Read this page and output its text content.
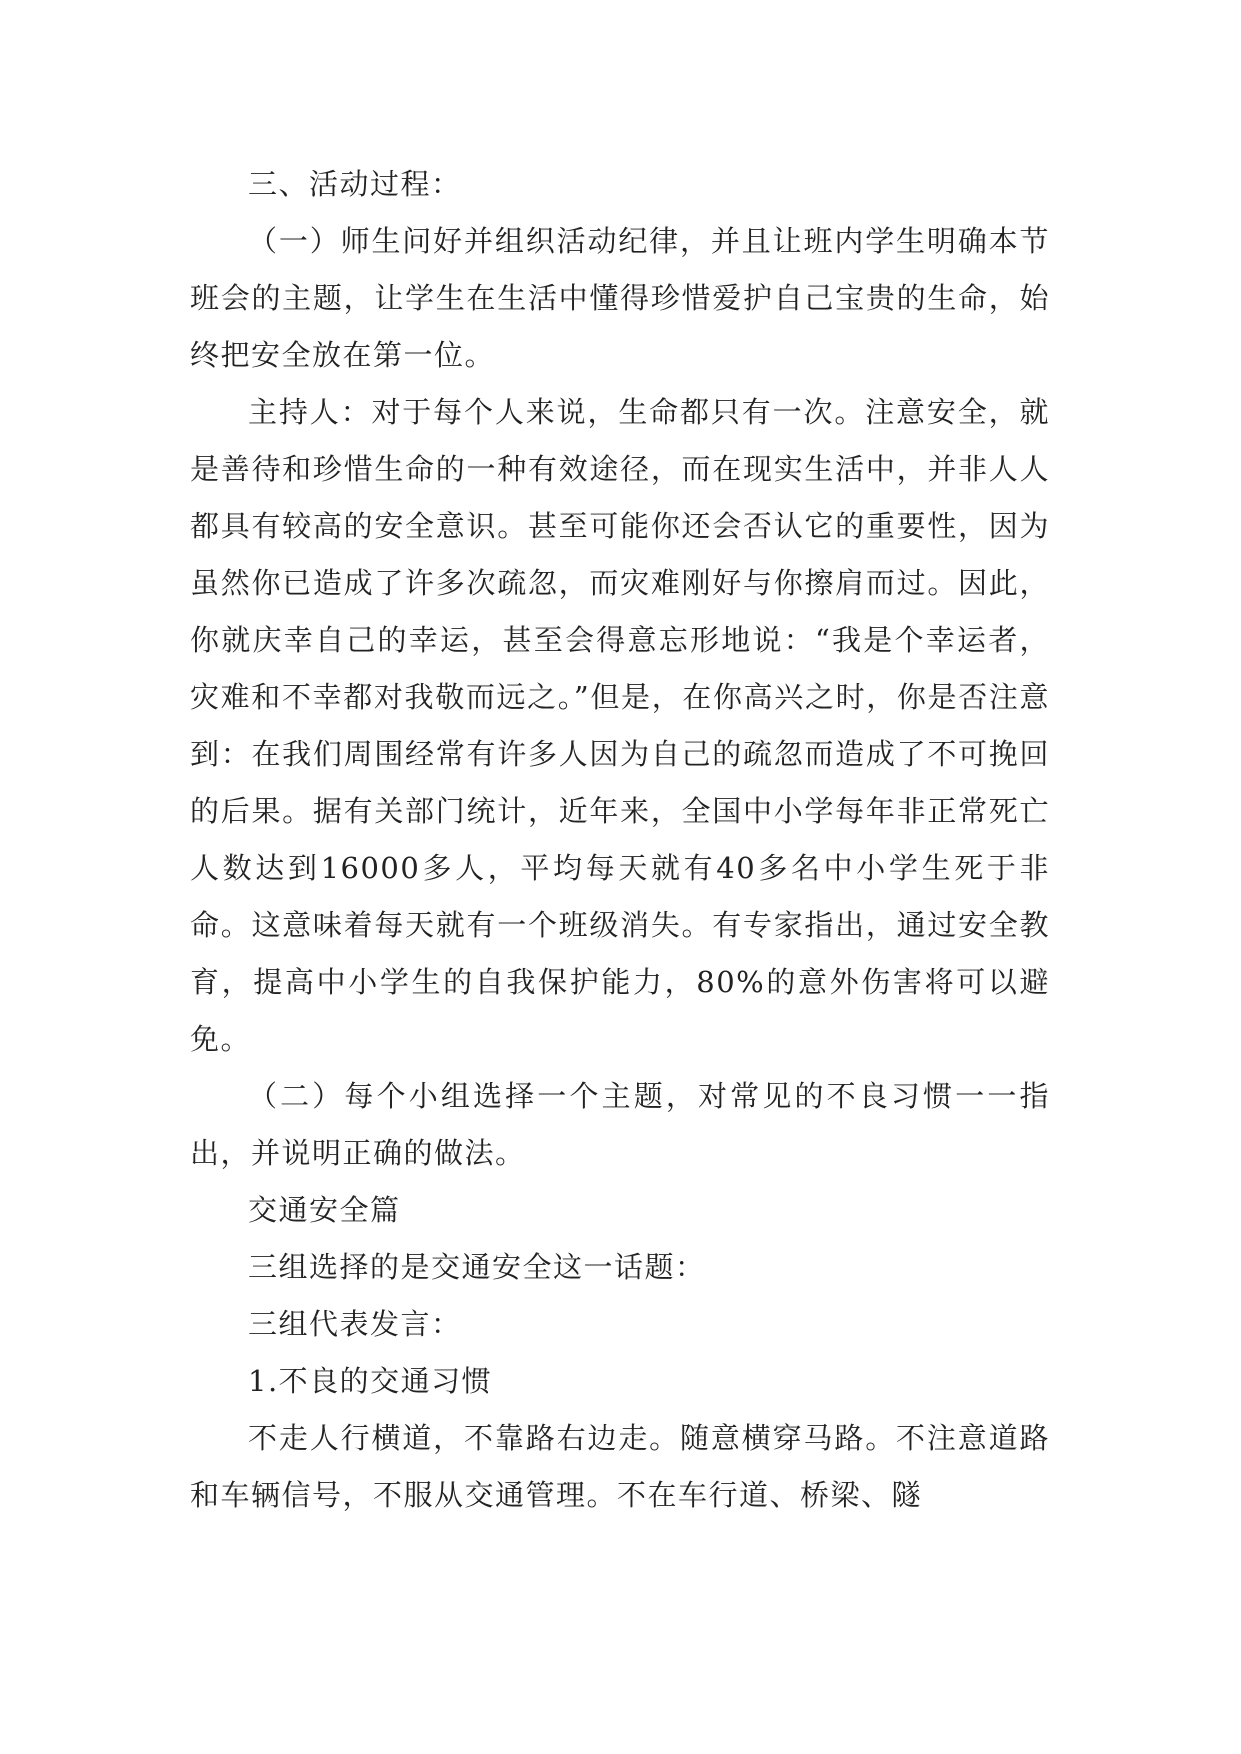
三、活动过程：

（一）师生问好并组织活动纪律，并且让班内学生明确本节班会的主题，让学生在生活中懂得珍惜爱护自己宝贵的生命，始终把安全放在第一位。

主持人：对于每个人来说，生命都只有一次。注意安全，就是善待和珍惜生命的一种有效途径，而在现实生活中，并非人人都具有较高的安全意识。甚至可能你还会否认它的重要性，因为虽然你已造成了许多次疏忽，而灾难刚好与你擦肩而过。因此，你就庆幸自己的幸运，甚至会得意忘形地说：“我是个幸运者，灾难和不幸都对我敬而远之。”但是，在你高兴之时，你是否注意到：在我们周围经常有许多人因为自己的疏忽而造成了不可挽回的后果。据有关部门统计，近年来，全国中小学每年非正常死亡人数达到16000多人，平均每天就有40多名中小学生死于非命。这意味着每天就有一个班级消失。有专家指出，通过安全教育，提高中小学生的自我保护能力，80%的意外伤害将可以避免。

（二）每个小组选择一个主题，对常见的不良习惯一一指出，并说明正确的做法。

交通安全篇

三组选择的是交通安全这一话题：

三组代表发言：

1.不良的交通习惯

不走人行横道，不靠路右边走。随意横穿马路。不注意道路和车辆信号，不服从交通管理。不在车行道、桥梁、隧
